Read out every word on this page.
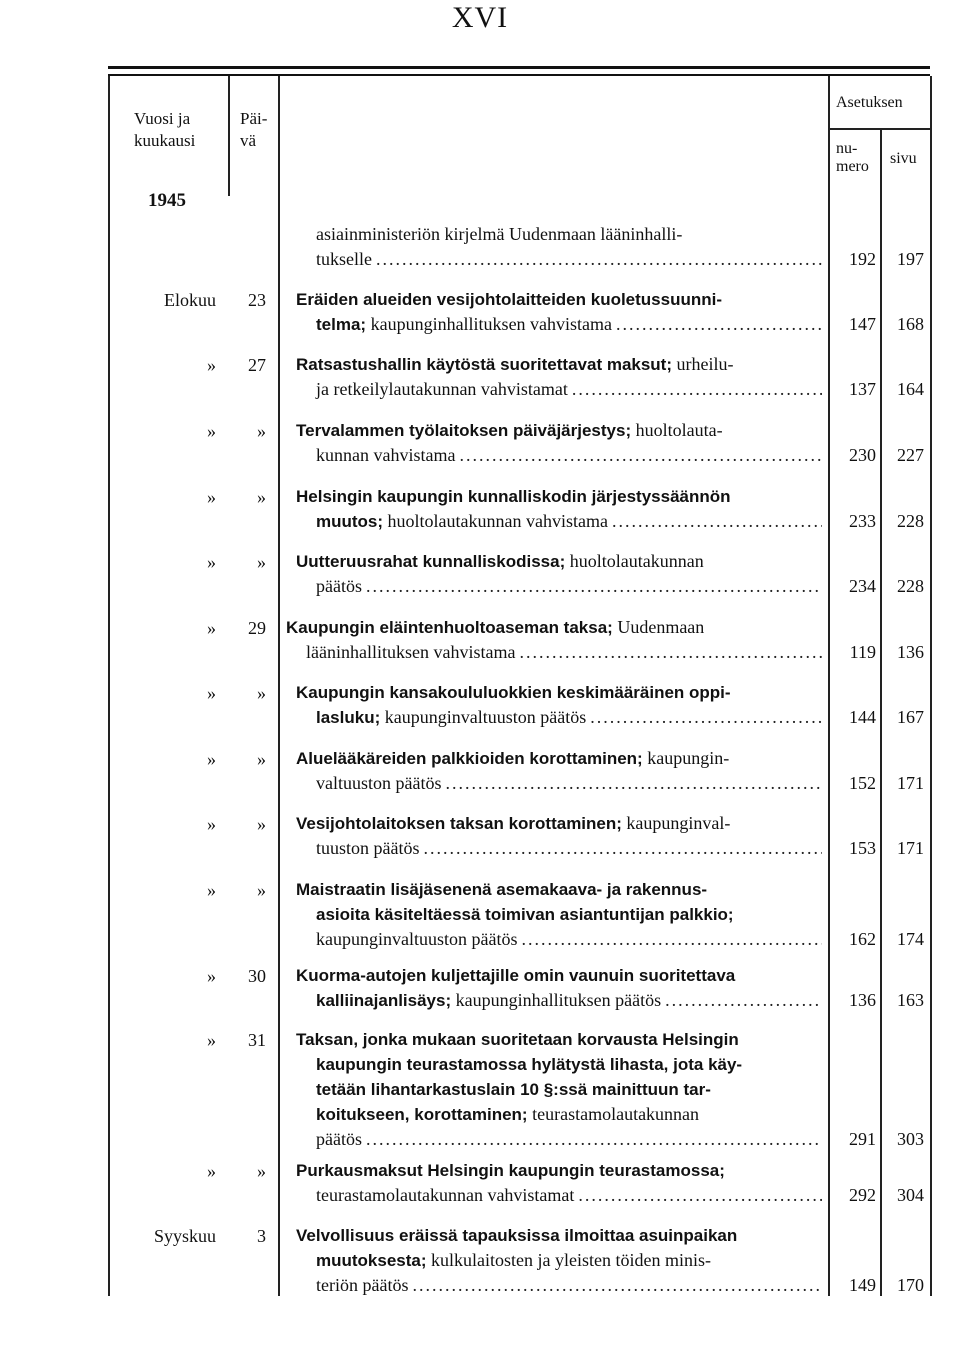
XVI
Vuosi ja kuukausi
Päi-vä
Asetuksen
nu-mero	sivu
1945
asiainministeriön kirjelmä Uudenmaan lääninhalli-
tukselle .....	192	197
Elokuu	23 Eräiden alueiden vesijohtolaitteiden kuoletussuunni-
telma;
kaupunginhallituksen vahvistama .....	147	168
»	27 Ratsastushallin käytöstä suoritettavat maksut; urheilu-
ja retkeilylautakunnan vahvistamat .....	137	164
»	» Tervalammen työlaitoksen päiväjärjestys; huoltolauta-
kunnan vahvistama .....	230	227
»	» Helsingin kaupungin kunnalliskodin järjestyssäännön
muutos;
huoltolautakunnan vahvistama .....	233	228
»	» Uutteruusrahat kunnalliskodissa; huoltolautakunnan
päätös .....	234	228
»	29 Kaupungin eläintenhuoltoaseman taksa; Uudenmaan
lääninhallituksen vahvistama .....	119	136
»	» Kaupungin kansakoululuokkien keskimääräinen oppi-
lasluku;
kaupunginvaltuuston päätös .....	144	167
»	» Aluelääkäreiden palkkioiden korottaminen; kaupungin-
valtuuston päätös .....	152	171
»	» Vesijohtolaitoksen taksan korottaminen; kaupunginval-
tuuston päätös .....	153	171
»	» Maistraatin lisäjäsenenä asemakaava- ja rakennus-
asioita käsiteltäessä toimivan asiantuntijan palkkio;
kaupunginvaltuuston päätös .....	162	174
»	30 Kuorma-autojen kuljettajille omin vaunuin suoritettava
kalliinajanlisäys;
kaupunginhallituksen päätös .....	136	163
»	31 Taksan, jonka mukaan suoritetaan korvausta Helsingin
kaupungin teurastamossa hylätystä lihasta, jota käy-
tetään lihantarkastuslain 10 §:ssä mainittuun tar-
koitukseen, korottaminen; teurastamolautakunnan
päätös .....	291	303
»	» Purkausmaksut Helsingin kaupungin teurastamossa;
teurastamolautakunnan vahvistamat .....	292	304
Syyskuu	3 Velvollisuus eräissä tapauksissa ilmoittaa asuinpaikan
muutoksesta; kulkulaitosten ja yleisten töiden minis-
teriön päätös .....	149	170
